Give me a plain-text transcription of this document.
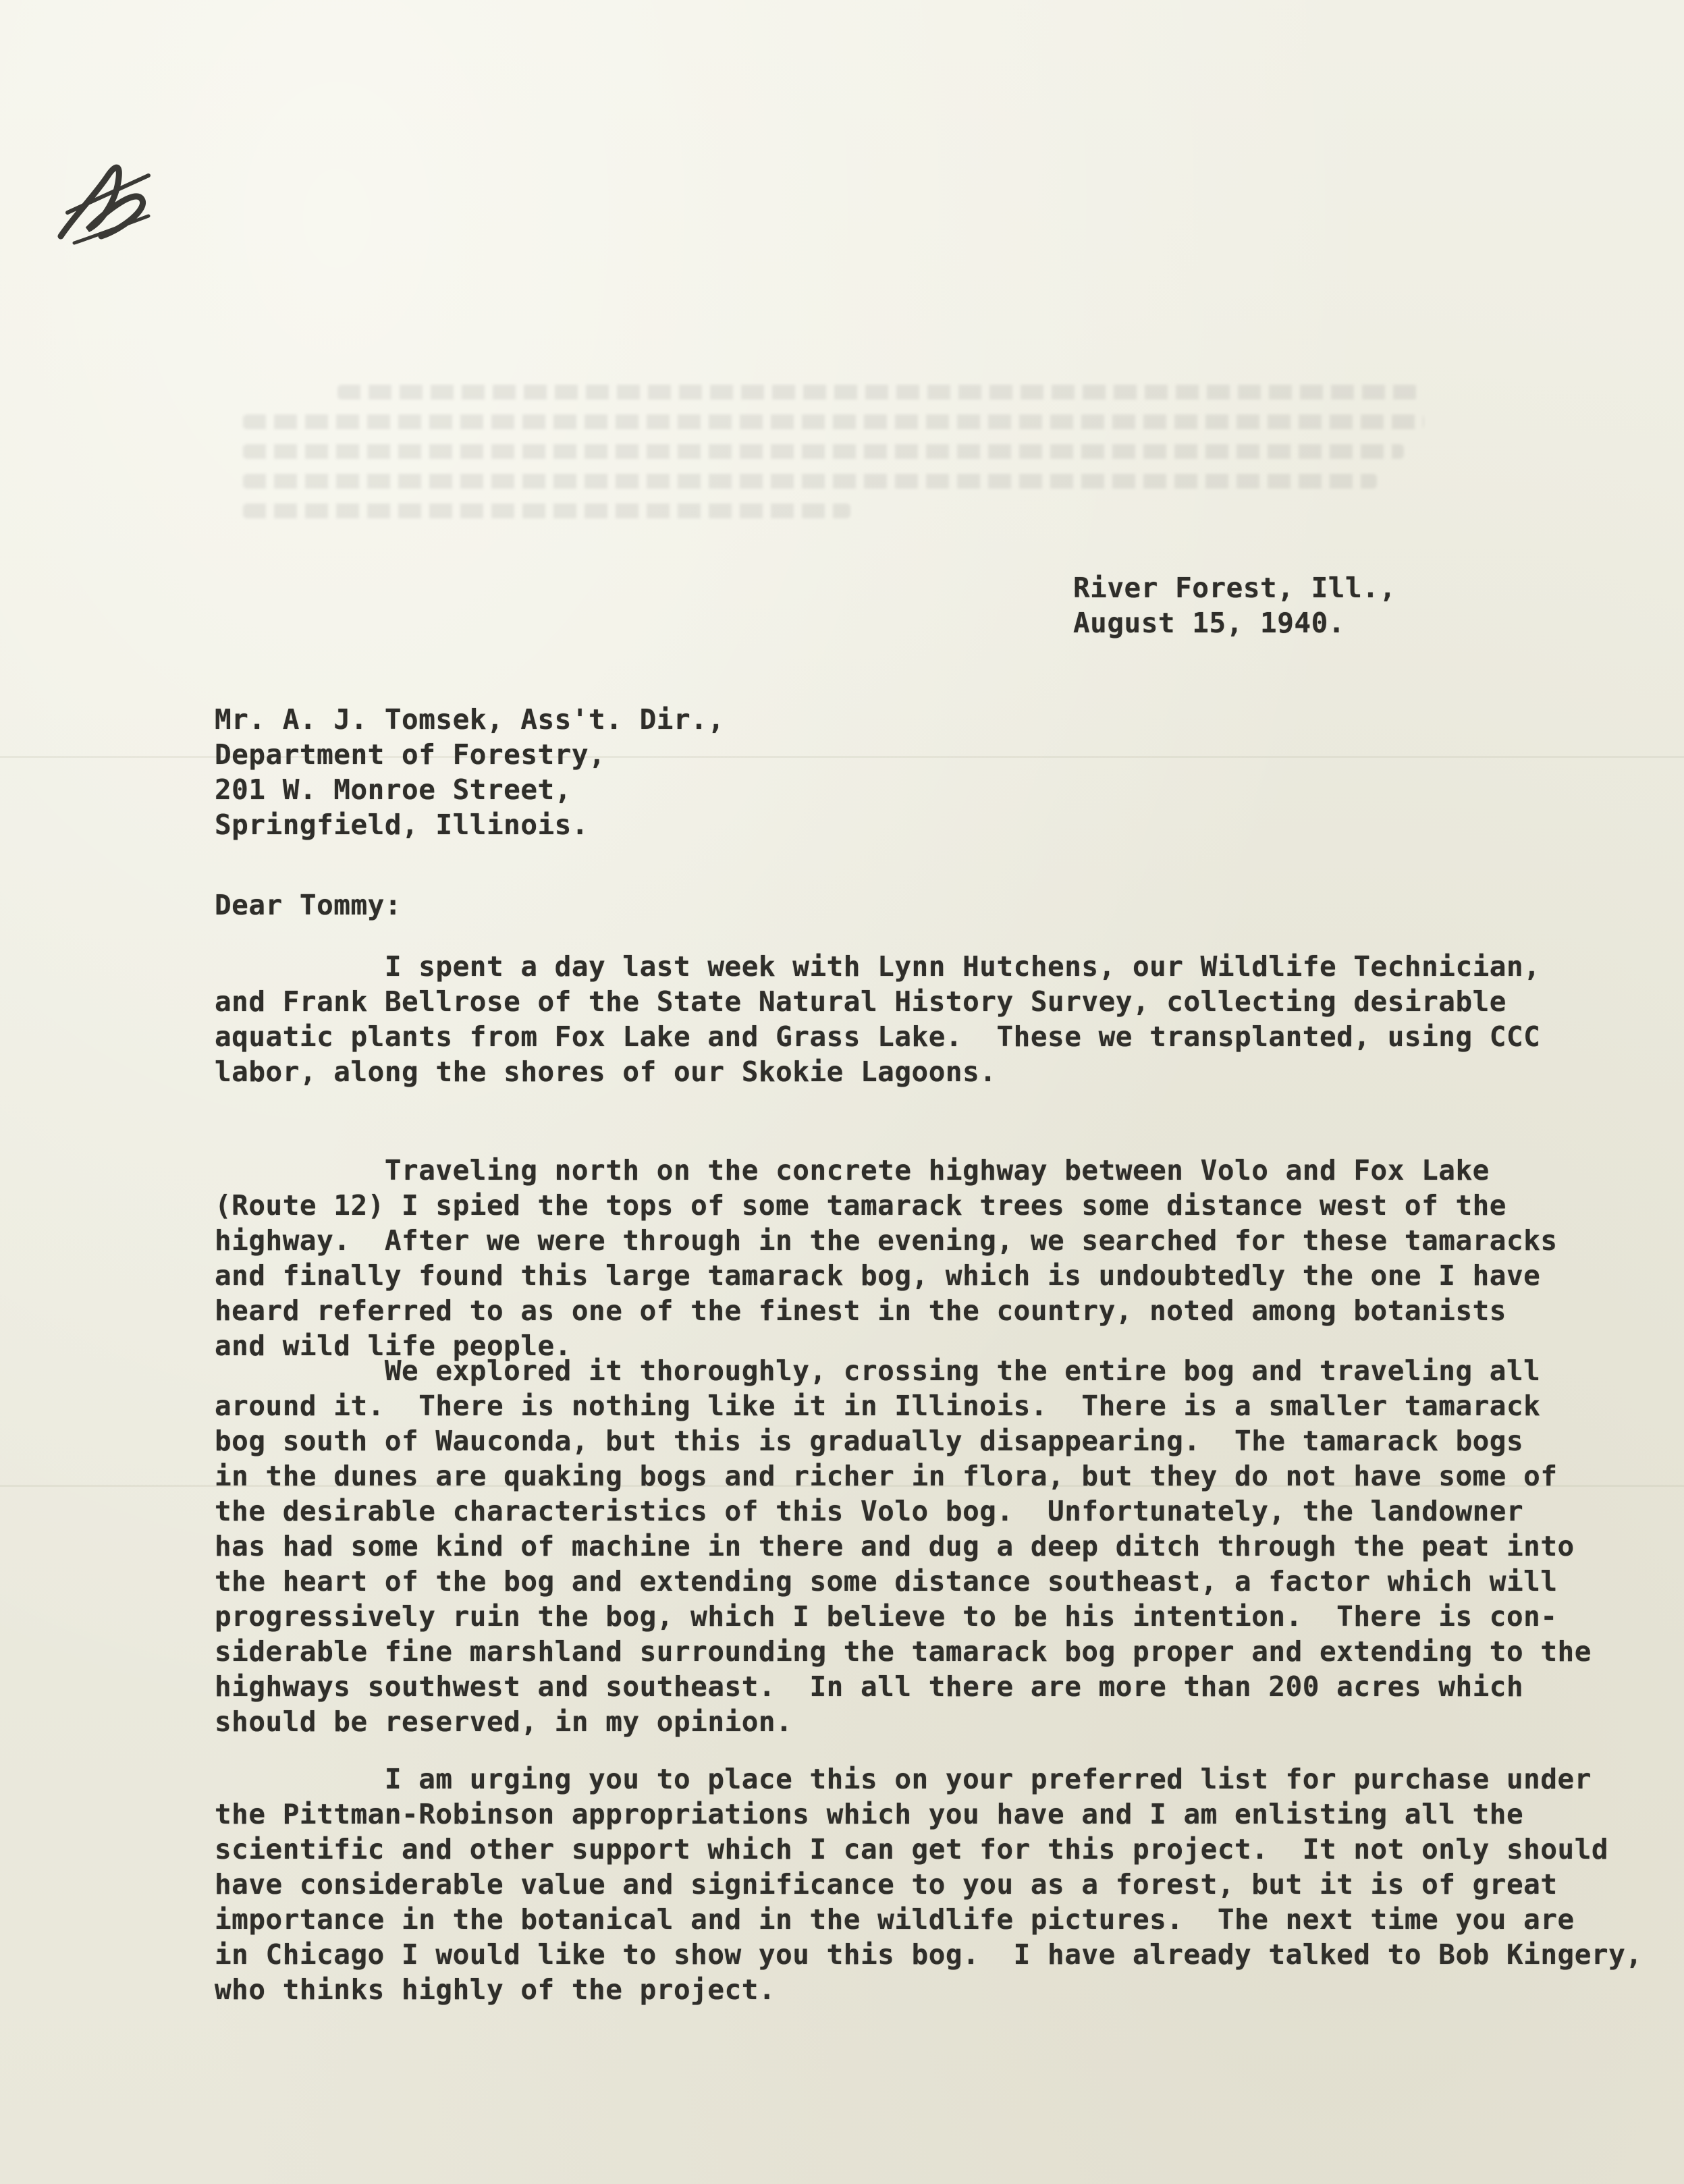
River Forest, Ill.,
August 15, 1940.
Mr. A. J. Tomsek, Ass't. Dir.,
Department of Forestry,
201 W. Monroe Street,
Springfield, Illinois.
Dear Tommy:
I spent a day last week with Lynn Hutchens, our Wildlife Technician,
and Frank Bellrose of the State Natural History Survey, collecting desirable
aquatic plants from Fox Lake and Grass Lake.  These we transplanted, using CCC
labor, along the shores of our Skokie Lagoons.
Traveling north on the concrete highway between Volo and Fox Lake
(Route 12) I spied the tops of some tamarack trees some distance west of the
highway.  After we were through in the evening, we searched for these tamaracks
and finally found this large tamarack bog, which is undoubtedly the one I have
heard referred to as one of the finest in the country, noted among botanists
and wild life people.
We explored it thoroughly, crossing the entire bog and traveling all
around it.  There is nothing like it in Illinois.  There is a smaller tamarack
bog south of Wauconda, but this is gradually disappearing.  The tamarack bogs
in the dunes are quaking bogs and richer in flora, but they do not have some of
the desirable characteristics of this Volo bog.  Unfortunately, the landowner
has had some kind of machine in there and dug a deep ditch through the peat into
the heart of the bog and extending some distance southeast, a factor which will
progressively ruin the bog, which I believe to be his intention.  There is con-
siderable fine marshland surrounding the tamarack bog proper and extending to the
highways southwest and southeast.  In all there are more than 200 acres which
should be reserved, in my opinion.
I am urging you to place this on your preferred list for purchase under
the Pittman-Robinson appropriations which you have and I am enlisting all the
scientific and other support which I can get for this project.  It not only should
have considerable value and significance to you as a forest, but it is of great
importance in the botanical and in the wildlife pictures.  The next time you are
in Chicago I would like to show you this bog.  I have already talked to Bob Kingery,
who thinks highly of the project.
